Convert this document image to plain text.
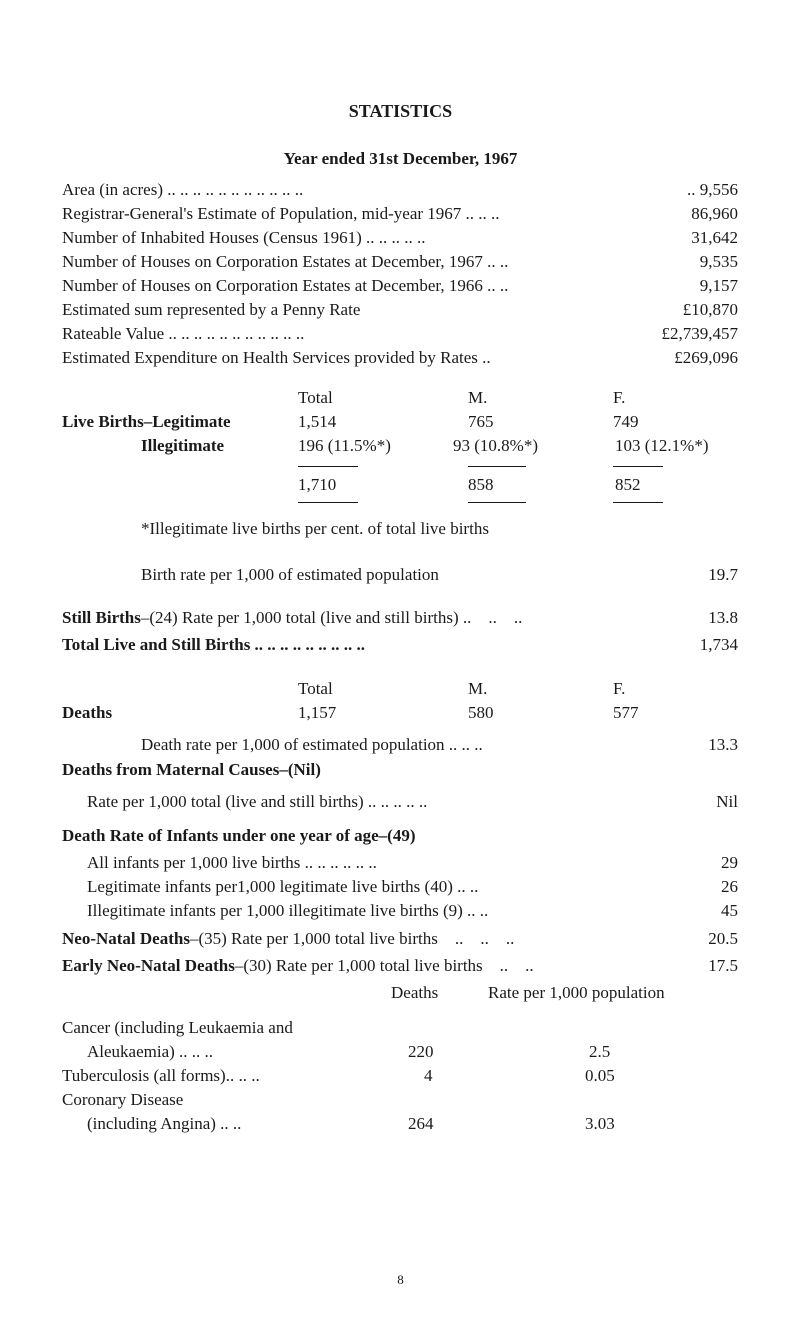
STATISTICS
Year ended 31st December, 1967
Area (in acres) .. .. .. .. .. .. .. .. .. .. ..	.. 9,556
Registrar-General's Estimate of Population, mid-year 1967 .. .. ..	86,960
Number of Inhabited Houses (Census 1961) .. .. .. .. ..	31,642
Number of Houses on Corporation Estates at December, 1967 .. ..	9,535
Number of Houses on Corporation Estates at December, 1966 .. ..	9,157
Estimated sum represented by a Penny Rate	£10,870
Rateable Value .. .. .. .. .. .. .. .. .. .. ..	£2,739,457
Estimated Expenditure on Health Services provided by Rates ..	£269,096
Total	M.	F.
Live Births–Legitimate	1,514	765	749
Illegitimate	196 (11.5%*)	93 (10.8%*)	103 (12.1%*)
1,710	858	852
*Illegitimate live births per cent. of total live births
Birth rate per 1,000 of estimated population	19.7
Still Births–(24) Rate per 1,000 total (live and still births) ..    ..    ..	13.8
Total Live and Still Births .. .. .. .. .. .. .. .. ..	1,734
Total	M.	F.
Deaths	1,157	580	577
Death rate per 1,000 of estimated population .. .. ..	13.3
Deaths from Maternal Causes–(Nil)
Rate per 1,000 total (live and still births) .. .. .. .. ..	Nil
Death Rate of Infants under one year of age–(49)
All infants per 1,000 live births .. .. .. .. .. ..	29
Legitimate infants per1,000 legitimate live births (40) .. ..	26
Illegitimate infants per 1,000 illegitimate live births (9) .. ..	45
Neo-Natal Deaths–(35) Rate per 1,000 total live births    ..    ..    ..	20.5
Early Neo-Natal Deaths–(30) Rate per 1,000 total live births    ..    ..	17.5
Deaths	Rate per 1,000 population
Cancer (including Leukaemia and
Aleukaemia) .. .. ..	220	2.5
Tuberculosis (all forms).. .. ..	4	0.05
Coronary Disease
(including Angina) .. ..	264	3.03
8
